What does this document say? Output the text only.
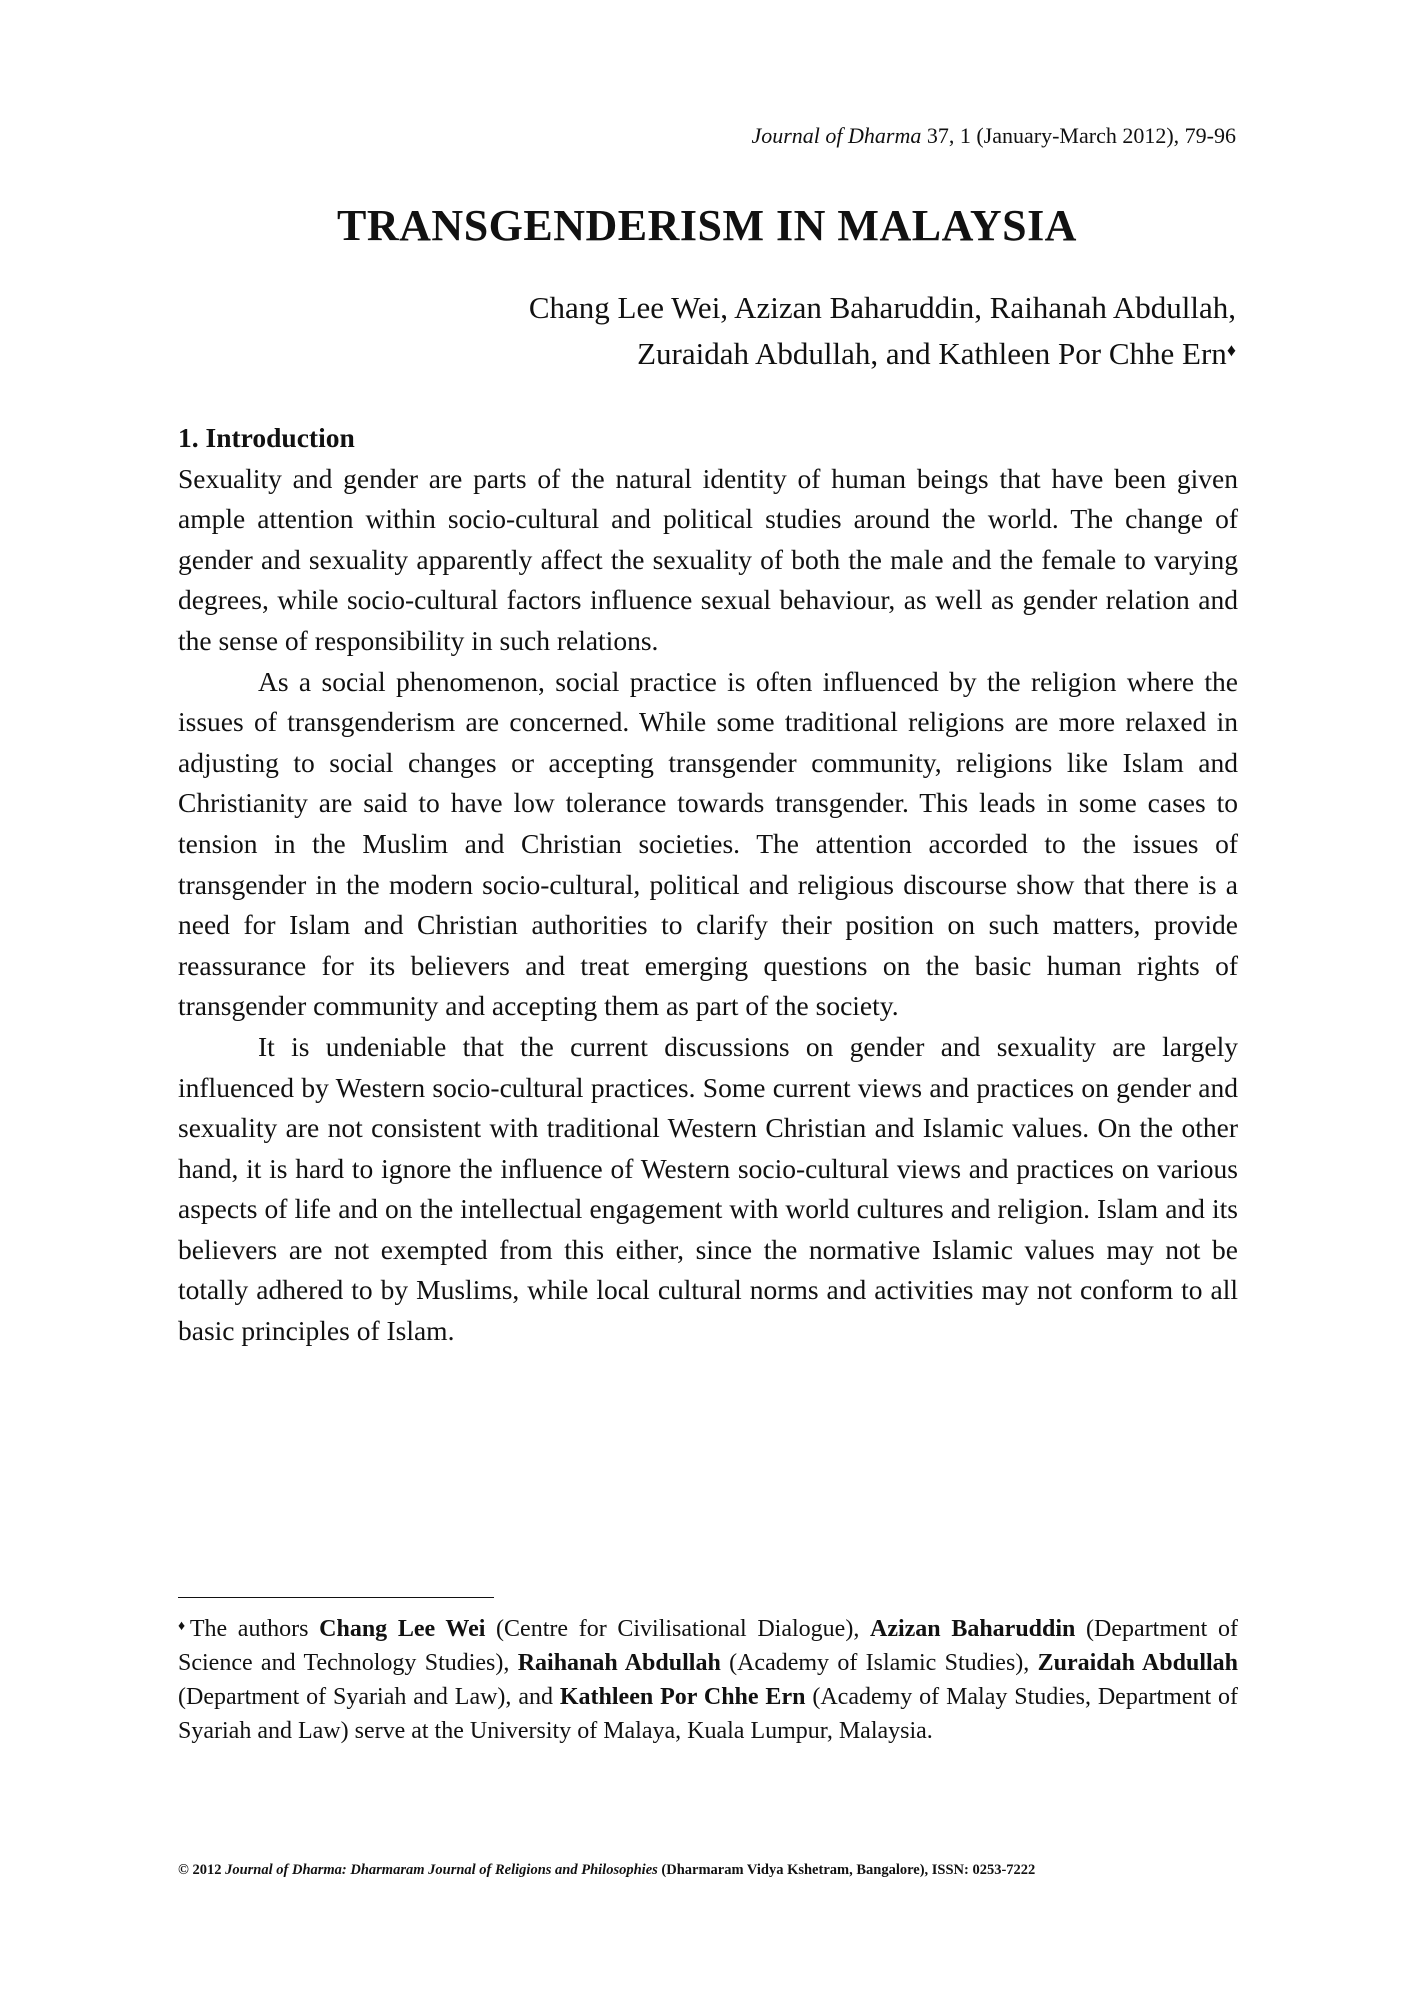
Journal of Dharma 37, 1 (January-March 2012), 79-96
TRANSGENDERISM IN MALAYSIA
Chang Lee Wei, Azizan Baharuddin, Raihanah Abdullah,
Zuraidah Abdullah, and Kathleen Por Chhe Ern♦
1. Introduction

Sexuality and gender are parts of the natural identity of human beings that have been given ample attention within socio-cultural and political studies around the world. The change of gender and sexuality apparently affect the sexuality of both the male and the female to varying degrees, while socio-cultural factors influence sexual behaviour, as well as gender relation and the sense of responsibility in such relations.

As a social phenomenon, social practice is often influenced by the religion where the issues of transgenderism are concerned. While some traditional religions are more relaxed in adjusting to social changes or accepting transgender community, religions like Islam and Christianity are said to have low tolerance towards transgender. This leads in some cases to tension in the Muslim and Christian societies. The attention accorded to the issues of transgender in the modern socio-cultural, political and religious discourse show that there is a need for Islam and Christian authorities to clarify their position on such matters, provide reassurance for its believers and treat emerging questions on the basic human rights of transgender community and accepting them as part of the society.

It is undeniable that the current discussions on gender and sexuality are largely influenced by Western socio-cultural practices. Some current views and practices on gender and sexuality are not consistent with traditional Western Christian and Islamic values. On the other hand, it is hard to ignore the influence of Western socio-cultural views and practices on various aspects of life and on the intellectual engagement with world cultures and religion. Islam and its believers are not exempted from this either, since the normative Islamic values may not be totally adhered to by Muslims, while local cultural norms and activities may not conform to all basic principles of Islam.

♦The authors Chang Lee Wei (Centre for Civilisational Dialogue), Azizan Baharuddin (Department of Science and Technology Studies), Raihanah Abdullah (Academy of Islamic Studies), Zuraidah Abdullah (Department of Syariah and Law), and Kathleen Por Chhe Ern (Academy of Malay Studies, Department of Syariah and Law) serve at the University of Malaya, Kuala Lumpur, Malaysia.
© 2012 Journal of Dharma: Dharmaram Journal of Religions and Philosophies (Dharmaram Vidya Kshetram, Bangalore), ISSN: 0253-7222
